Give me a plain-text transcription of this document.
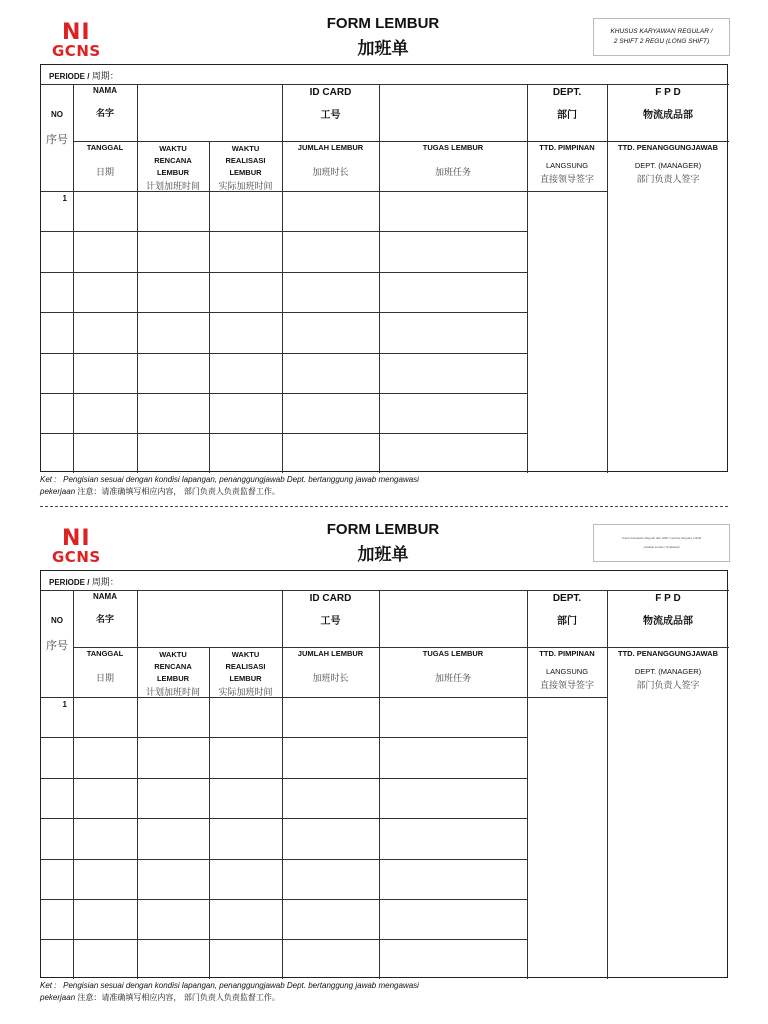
NI
GCNS
FORM LEMBUR
加班单
KHUSUS KARYAWAN REGULAR /
2 SHIFT 2 REGU (LONG SHIFT)
PERIODE / 周期：
NO
序号
NAMA
名字
ID CARD
工号
DEPT.
部门
F P D
物流成品部
TANGGAL
日期
WAKTU
RENCANA
LEMBUR
计划加班时间
WAKTU
REALISASI
LEMBUR
实际加班时间
JUMLAH LEMBUR
加班时长
TUGAS LEMBUR
加班任务
TTD. PIMPINAN
LANGSUNG
直接领导签字
TTD. PENANGGUNGJAWAB
DEPT. (MANAGER)
部门负责人签字
1
Ket : Pengisian sesuai dengan kondisi lapangan, penanggungjawab Dept. bertanggung jawab mengawasi
pekerjaan 注意：请准确填写相应内容， 部门负责人负责监督工作。
NI
GCNS
FORM LEMBUR
加班单
Untuk Karyawan Regular dan Shift / Lembur Reguler 2 Shift
(Jadwal Lembur Terjadwal)
PERIODE / 周期：
NO
序号
NAMA
名字
ID CARD
工号
DEPT.
部门
F P D
物流成品部
TANGGAL
日期
WAKTU
RENCANA
LEMBUR
计划加班时间
WAKTU
REALISASI
LEMBUR
实际加班时间
JUMLAH LEMBUR
加班时长
TUGAS LEMBUR
加班任务
TTD. PIMPINAN
LANGSUNG
直接领导签字
TTD. PENANGGUNGJAWAB
DEPT. (MANAGER)
部门负责人签字
1
Ket : Pengisian sesuai dengan kondisi lapangan, penanggungjawab Dept. bertanggung jawab mengawasi
pekerjaan 注意：请准确填写相应内容， 部门负责人负责监督工作。
